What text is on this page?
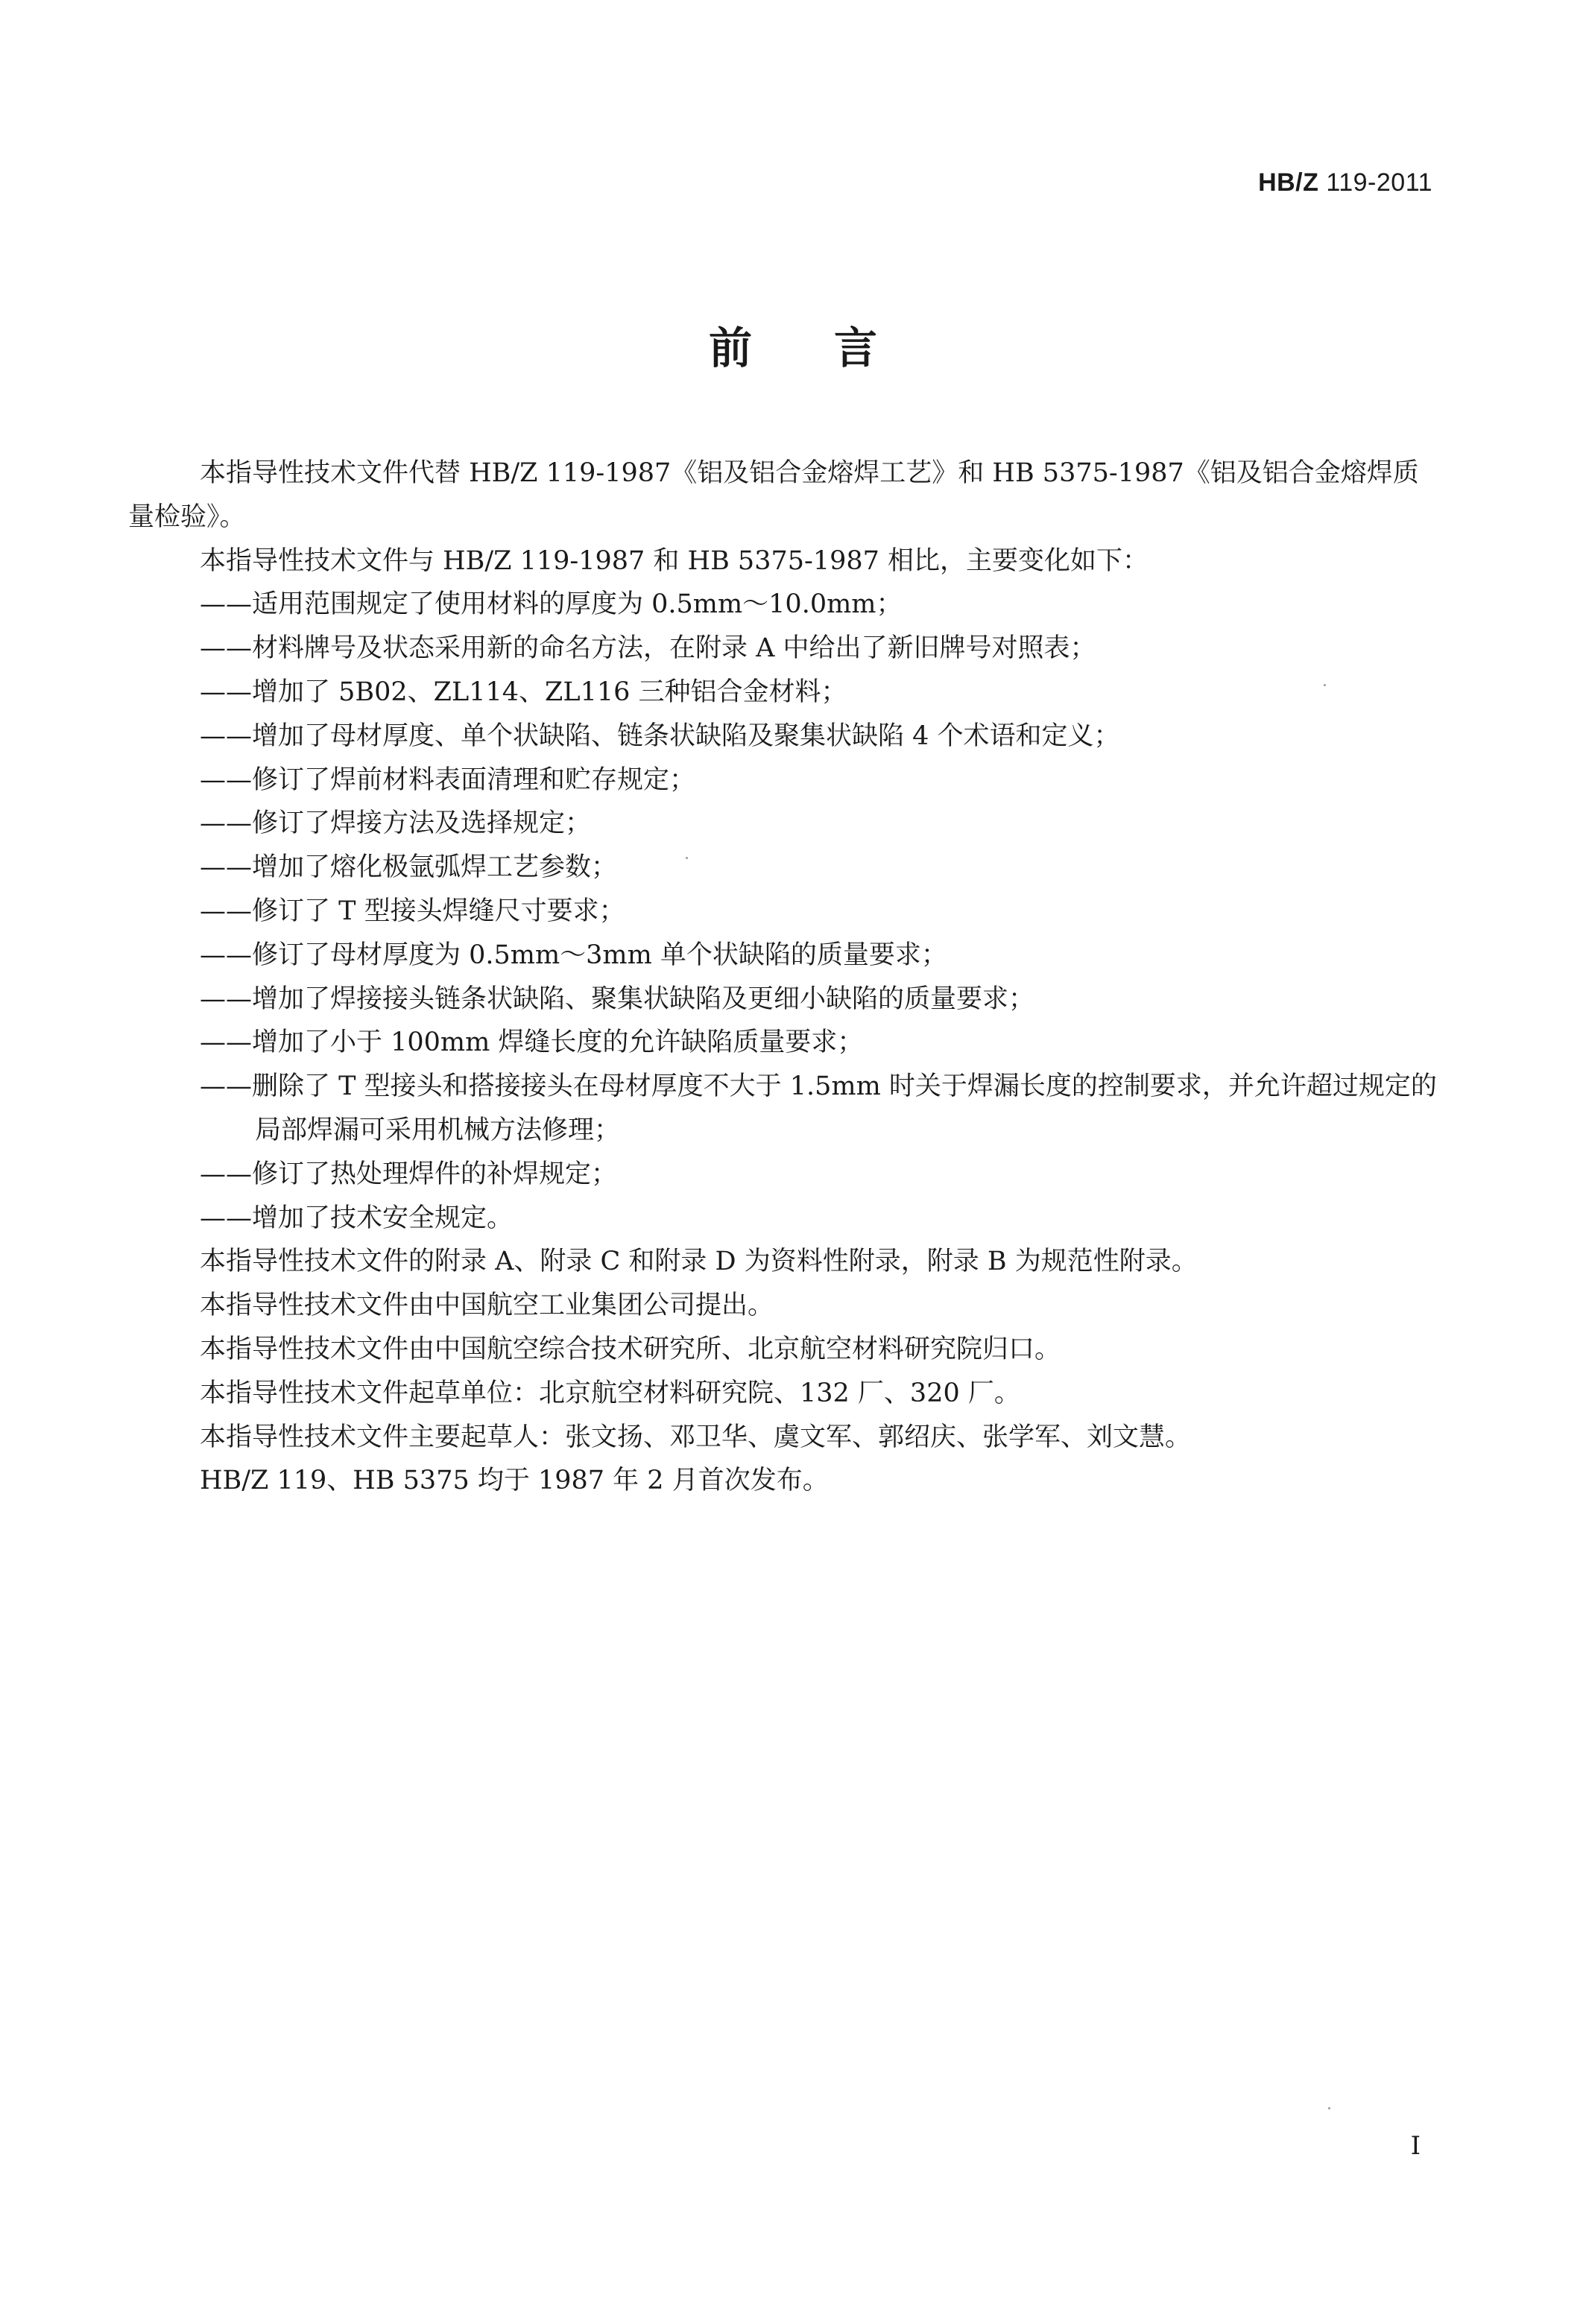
HB/Z 119-2011
前言

本指导性技术文件代替 HB/Z 119-1987《铝及铝合金熔焊工艺》和 HB 5375-1987《铝及铝合金熔焊质量检验》。

本指导性技术文件与 HB/Z 119-1987 和 HB 5375-1987 相比，主要变化如下：

——适用范围规定了使用材料的厚度为 0.5mm～10.0mm；

——材料牌号及状态采用新的命名方法，在附录 A 中给出了新旧牌号对照表；

——增加了 5B02、ZL114、ZL116 三种铝合金材料；

——增加了母材厚度、单个状缺陷、链条状缺陷及聚集状缺陷 4 个术语和定义；

——修订了焊前材料表面清理和贮存规定；

——修订了焊接方法及选择规定；

——增加了熔化极氩弧焊工艺参数；

——修订了 T 型接头焊缝尺寸要求；

——修订了母材厚度为 0.5mm～3mm 单个状缺陷的质量要求；

——增加了焊接接头链条状缺陷、聚集状缺陷及更细小缺陷的质量要求；

——增加了小于 100mm 焊缝长度的允许缺陷质量要求；

——删除了 T 型接头和搭接接头在母材厚度不大于 1.5mm 时关于焊漏长度的控制要求，并允许超过规定的局部焊漏可采用机械方法修理；

——修订了热处理焊件的补焊规定；

——增加了技术安全规定。

本指导性技术文件的附录 A、附录 C 和附录 D 为资料性附录，附录 B 为规范性附录。

本指导性技术文件由中国航空工业集团公司提出。

本指导性技术文件由中国航空综合技术研究所、北京航空材料研究院归口。

本指导性技术文件起草单位：北京航空材料研究院、132 厂、320 厂。

本指导性技术文件主要起草人：张文扬、邓卫华、虞文军、郭绍庆、张学军、刘文慧。

HB/Z 119、HB 5375 均于 1987 年 2 月首次发布。

I
